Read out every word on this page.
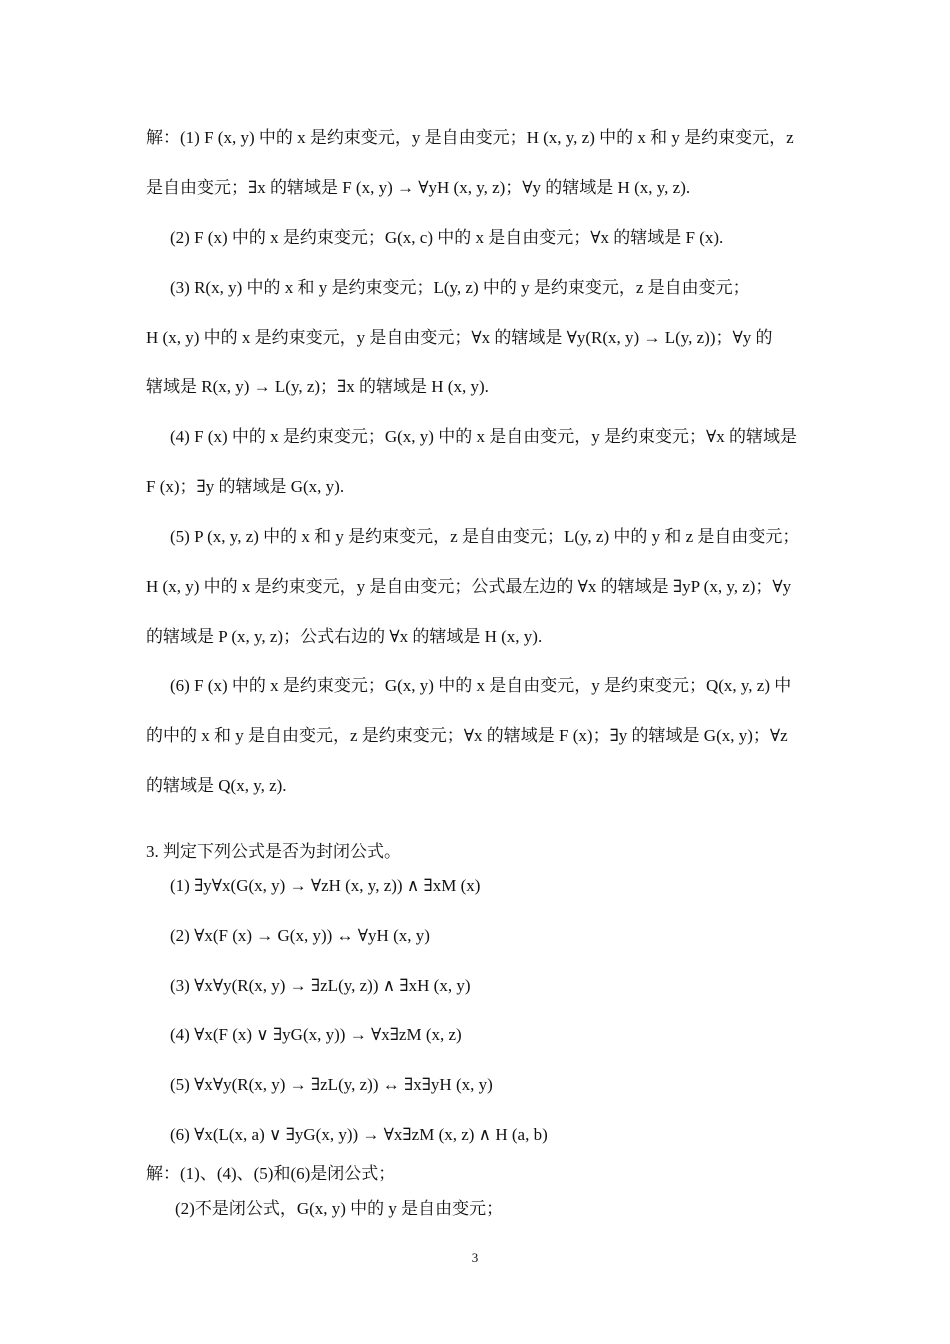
解：(1) F (x, y) 中的 x 是约束变元，y 是自由变元；H (x, y, z) 中的 x 和 y 是约束变元，z
是自由变元；∃x 的辖域是 F (x, y) → ∀yH (x, y, z)；∀y 的辖域是 H (x, y, z).
(2) F (x) 中的 x 是约束变元；G(x, c) 中的 x 是自由变元；∀x 的辖域是 F (x).
(3) R(x, y) 中的 x 和 y 是约束变元；L(y, z) 中的 y 是约束变元，z 是自由变元；
H (x, y) 中的 x 是约束变元，y 是自由变元；∀x 的辖域是 ∀y(R(x, y) → L(y, z))；∀y 的
辖域是 R(x, y) → L(y, z)；∃x 的辖域是 H (x, y).
(4) F (x) 中的 x 是约束变元；G(x, y) 中的 x 是自由变元，y 是约束变元；∀x 的辖域是
F (x)；∃y 的辖域是 G(x, y).
(5) P (x, y, z) 中的 x 和 y 是约束变元，z 是自由变元；L(y, z) 中的 y 和 z 是自由变元；
H (x, y) 中的 x 是约束变元，y 是自由变元；公式最左边的 ∀x 的辖域是 ∃yP (x, y, z)；∀y
的辖域是 P (x, y, z)；公式右边的 ∀x 的辖域是 H (x, y).
(6) F (x) 中的 x 是约束变元；G(x, y) 中的 x 是自由变元，y 是约束变元；Q(x, y, z) 中
的中的 x 和 y 是自由变元，z 是约束变元；∀x 的辖域是 F (x)；∃y 的辖域是 G(x, y)；∀z
的辖域是 Q(x, y, z).
3. 判定下列公式是否为封闭公式。
(1) ∃y∀x(G(x, y) → ∀zH (x, y, z)) ∧ ∃xM (x)
(2) ∀x(F (x) → G(x, y)) ↔ ∀yH (x, y)
(3) ∀x∀y(R(x, y) → ∃zL(y, z)) ∧ ∃xH (x, y)
(4) ∀x(F (x) ∨ ∃yG(x, y)) → ∀x∃zM (x, z)
(5) ∀x∀y(R(x, y) → ∃zL(y, z)) ↔ ∃x∃yH (x, y)
(6) ∀x(L(x, a) ∨ ∃yG(x, y)) → ∀x∃zM (x, z) ∧ H (a, b)
解：(1)、(4)、(5)和(6)是闭公式；
(2)不是闭公式，G(x, y) 中的 y 是自由变元；
3
